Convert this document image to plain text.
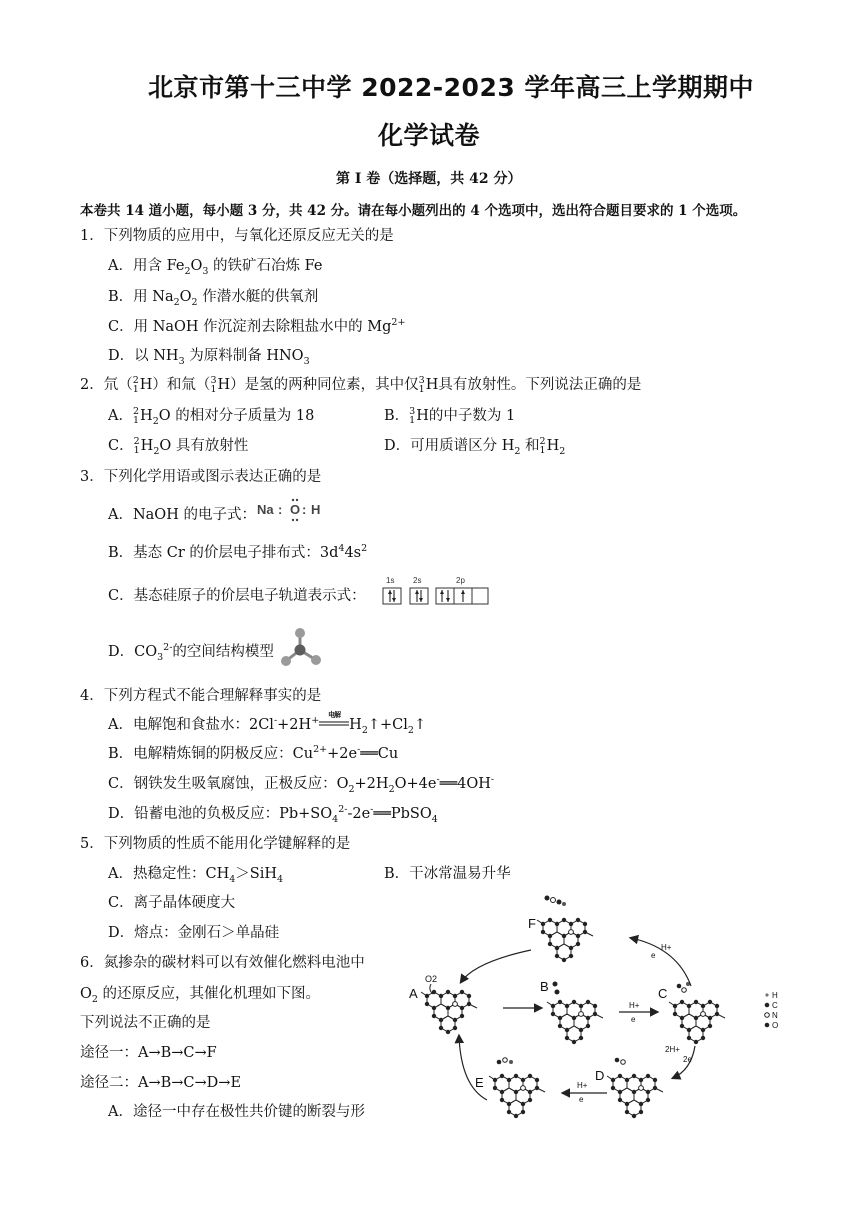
北京市第十三中学 2022-2023 学年高三上学期期中
化学试卷
第 I 卷（选择题，共 42 分）
本卷共 14 道小题，每小题 3 分，共 42 分。请在每小题列出的 4 个选项中，选出符合题目要求的 1 个选项。
1．下列物质的应用中，与氧化还原反应无关的是
A．用含 $Fe_2O_3$ 的铁矿石冶炼 Fe
B．用 $Na_2O_2$ 作潜水艇的供氧剂
C．用 NaOH 作沉淀剂去除粗盐水中的 $Mg^{2+}$
D．以 $NH_3$ 为原料制备 $HNO_3$
2．氘（ 2
1 H）和氚（ 3
1 H）是氢的两种同位素，其中仅 3
1 H具有放射性。下列说法正确的是
A． 2
1 $H_2O$ 的相对分子质量为 18	B． 3
1 H的中子数为 1
C． 2
1 $H_2O$ 具有放射性	D．可用质谱区分 $H_2$ 和 2
1 $H_2$
3．下列化学用语或图示表达正确的是
A．NaOH 的电子式： Na : O : H
B．基态 Cr 的价层电子排布式：$3d^44s^2$
C．基态硅原子的价层电子轨道表示式：
1s 2s	2p
D．$CO_3^{2-}$的空间结构模型
4．下列方程式不能合理解释事实的是
A．电解饱和食盐水：2Cl-+2H+
电解
$H_2↑+Cl_2↑$
B．电解精炼铜的阴极反应：$Cu^{2+}+2e^-══Cu$
C．钢铁发生吸氧腐蚀，正极反应：$O_2+2H_2O+4e^-══4OH^-$
D．铅蓄电池的负极反应：$Pb+SO_4^{2-}-2e^-══PbSO_4$
5．下列物质的性质不能用化学键解释的是
A．热稳定性：$CH_4>SiH_4$	B．干冰常温易升华
C．离子晶体硬度大
D．熔点：金刚石＞单晶硅
6．氮掺杂的碳材料可以有效催化燃料电池中
$O_2$ 的还原反应，其催化机理如下图。
下列说法不正确的是
途径一：A→B→C→F
途径二：A→B→C→D→E
A．途径一中存在极性共价键的断裂与形
F
A
O2	B	C
D
E
H+
e
H+
e
2H+
2e
H+
e
H
C
N
O
